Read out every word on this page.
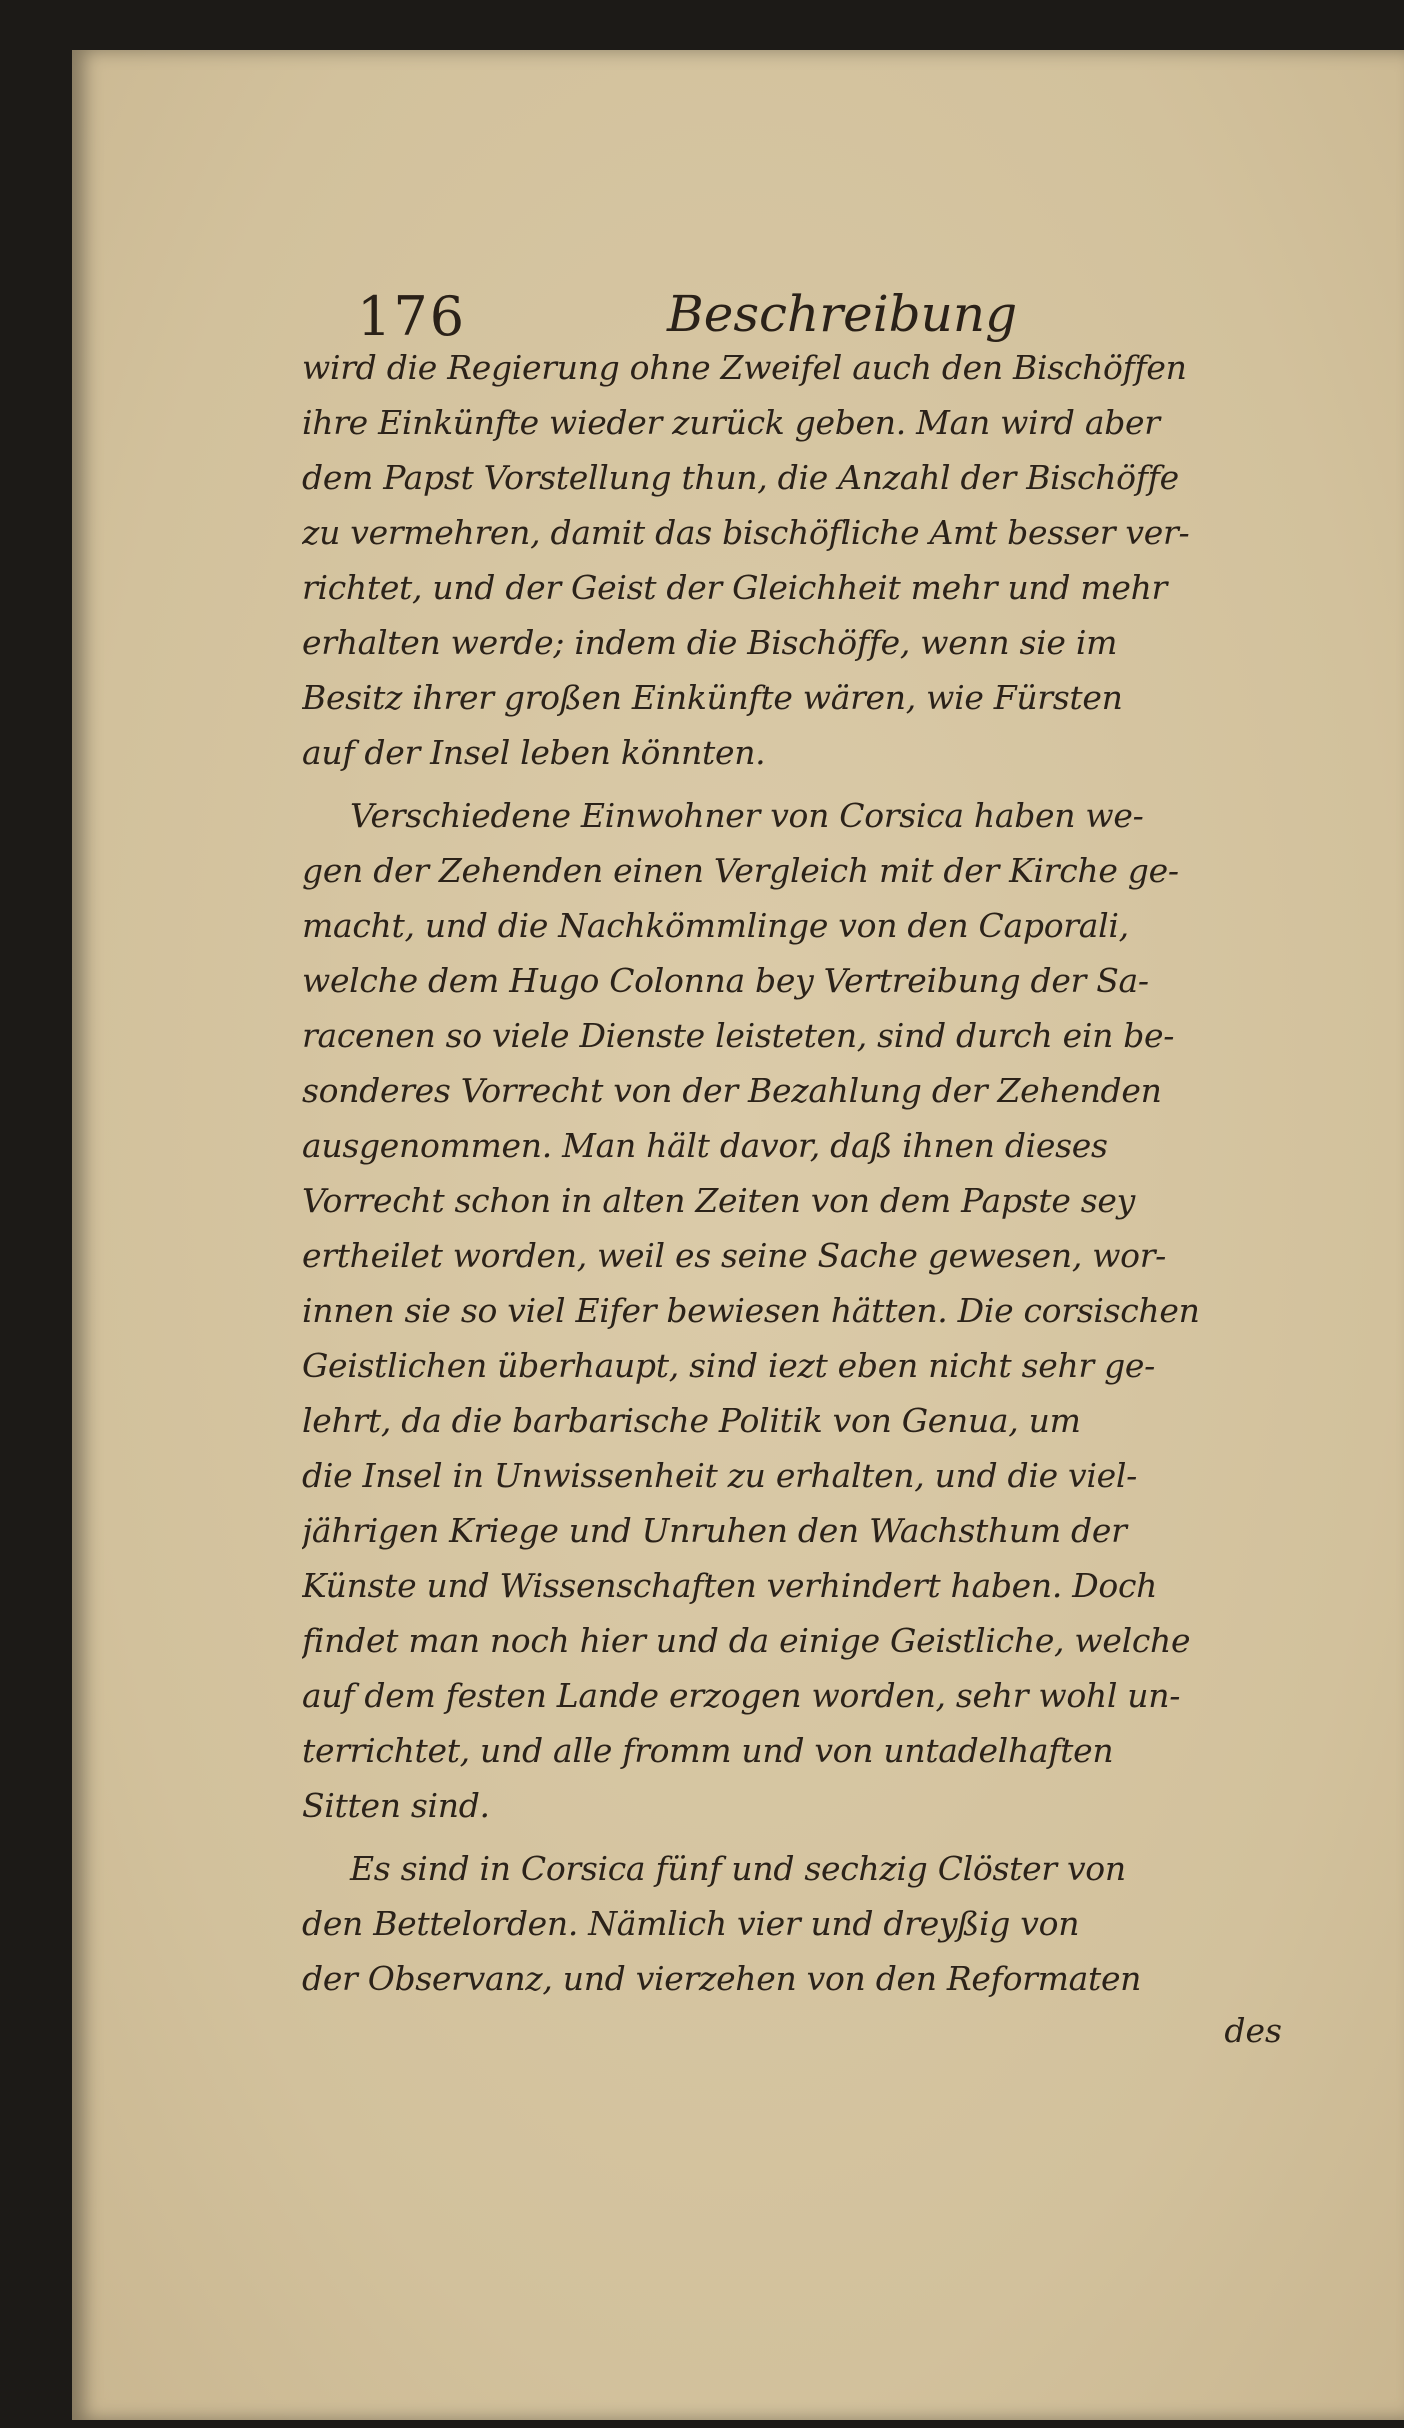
176	Beschreibung
wird die Regierung ohne Zweifel auch den Bischöffen
ihre Einkünfte wieder zurück geben. Man wird aber
dem Papst Vorstellung thun, die Anzahl der Bischöffe
zu vermehren, damit das bischöfliche Amt besser ver-
richtet, und der Geist der Gleichheit mehr und mehr
erhalten werde; indem die Bischöffe, wenn sie im
Besitz ihrer großen Einkünfte wären, wie Fürsten
auf der Insel leben könnten.
Verschiedene Einwohner von Corsica haben we-
gen der Zehenden einen Vergleich mit der Kirche ge-
macht, und die Nachkömmlinge von den Caporali,
welche dem Hugo Colonna bey Vertreibung der Sa-
racenen so viele Dienste leisteten, sind durch ein be-
sonderes Vorrecht von der Bezahlung der Zehenden
ausgenommen. Man hält davor, daß ihnen dieses
Vorrecht schon in alten Zeiten von dem Papste sey
ertheilet worden, weil es seine Sache gewesen, wor-
innen sie so viel Eifer bewiesen hätten. Die corsischen
Geistlichen überhaupt, sind iezt eben nicht sehr ge-
lehrt, da die barbarische Politik von Genua, um
die Insel in Unwissenheit zu erhalten, und die viel-
jährigen Kriege und Unruhen den Wachsthum der
Künste und Wissenschaften verhindert haben. Doch
findet man noch hier und da einige Geistliche, welche
auf dem festen Lande erzogen worden, sehr wohl un-
terrichtet, und alle fromm und von untadelhaften
Sitten sind.
Es sind in Corsica fünf und sechzig Clöster von
den Bettelorden. Nämlich vier und dreyßig von
der Observanz, und vierzehen von den Reformaten
des
